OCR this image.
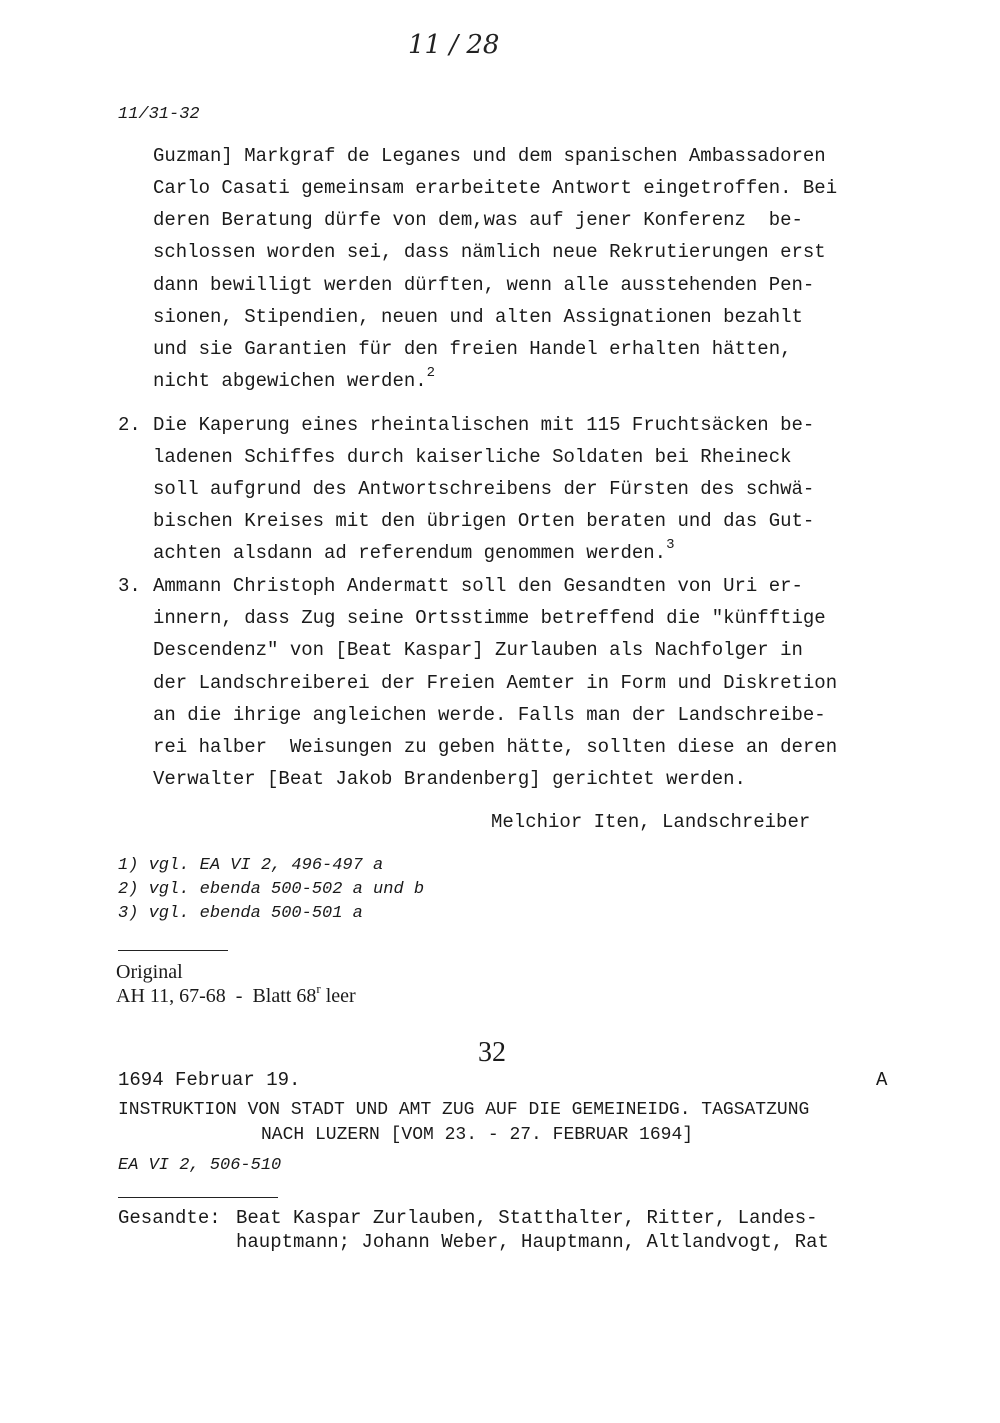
11 / 28
11/31-32
Guzman] Markgraf de Leganes und dem spanischen Ambassadoren
Carlo Casati gemeinsam erarbeitete Antwort eingetroffen. Bei
deren Beratung dürfe von dem,was auf jener Konferenz  be-
schlossen worden sei, dass nämlich neue Rekrutierungen erst
dann bewilligt werden dürften, wenn alle ausstehenden Pen-
sionen, Stipendien, neuen und alten Assignationen bezahlt
und sie Garantien für den freien Handel erhalten hätten,
nicht abgewichen werden.$^2$
2. Die Kaperung eines rheintalischen mit 115 Fruchtsäcken be-
ladenen Schiffes durch kaiserliche Soldaten bei Rheineck
soll aufgrund des Antwortschreibens der Fürsten des schwä-
bischen Kreises mit den übrigen Orten beraten und das Gut-
achten alsdann ad referendum genommen werden.$^3$
3. Ammann Christoph Andermatt soll den Gesandten von Uri er-
innern, dass Zug seine Ortsstimme betreffend die "künfftige
Descendenz" von [Beat Kaspar] Zurlauben als Nachfolger in
der Landschreiberei der Freien Aemter in Form und Diskretion
an die ihrige angleichen werde. Falls man der Landschreibe-
rei halber  Weisungen zu geben hätte, sollten diese an deren
Verwalter [Beat Jakob Brandenberg] gerichtet werden.
Melchior Iten, Landschreiber
1) vgl. EA VI 2, 496-497 a
2) vgl. ebenda 500-502 a und b
3) vgl. ebenda 500-501 a
Original
AH 11, 67-68  -  Blatt 68$^r$ leer
32
1694 Februar 19.	A
INSTRUKTION VON STADT UND AMT ZUG AUF DIE GEMEINEIDG. TAGSATZUNG
NACH LUZERN [VOM 23. - 27. FEBRUAR 1694]
EA VI 2, 506-510
Gesandte: Beat Kaspar Zurlauben, Statthalter, Ritter, Landes-
hauptmann; Johann Weber, Hauptmann, Altlandvogt, Rat
